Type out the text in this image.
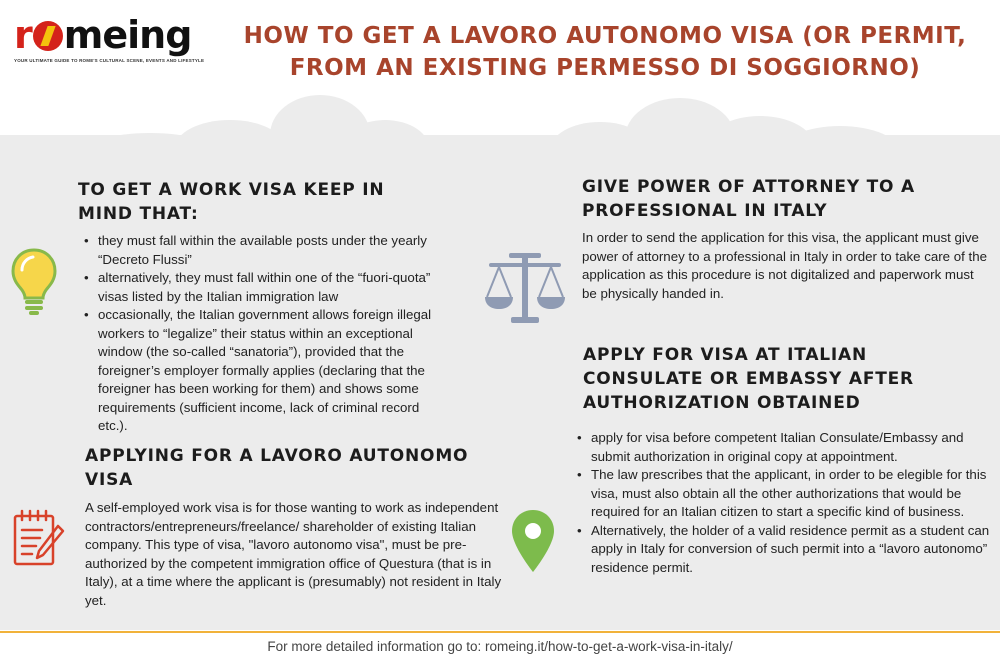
r meing
YOUR ULTIMATE GUIDE TO ROME'S CULTURAL SCENE, EVENTS AND LIFESTYLE
HOW TO GET A LAVORO AUTONOMO VISA (OR PERMIT,
FROM AN EXISTING PERMESSO DI SOGGIORNO)
TO GET A WORK VISA KEEP IN MIND THAT:
• they must fall within the available posts under the yearly “Decreto Flussi”
• alternatively, they must fall within one of the “fuori-quota” visas listed by the Italian immigration law
• occasionally, the Italian government allows foreign illegal workers to “legalize” their status within an exceptional window (the so-called “sanatoria”), provided that the foreigner’s employer formally applies (declaring that the foreigner has been working for them) and shows some requirements (sufficient income, lack of criminal record etc.).
APPLYING FOR A LAVORO AUTONOMO VISA
A self-employed work visa is for those wanting to work as independent contractors/entrepreneurs/freelance/ shareholder of existing Italian company. This type of visa, "lavoro autonomo visa", must be pre-authorized by the competent immigration office of Questura (that is in Italy), at a time where the applicant is (presumably) not resident in Italy yet.
GIVE POWER OF ATTORNEY TO A PROFESSIONAL IN ITALY
In order to send the application for this visa, the applicant must give power of attorney to a professional in Italy in order to take care of the application as this procedure is not digitalized and paperwork must be physically handed in.
APPLY FOR VISA AT ITALIAN CONSULATE OR EMBASSY AFTER AUTHORIZATION OBTAINED
• apply for visa before competent Italian Consulate/Embassy and submit authorization in original copy at appointment.
• The law prescribes that the applicant, in order to be elegible for this visa, must also obtain all the other authorizations that would be required for an Italian citizen to start a specific kind of business.
• Alternatively, the holder of a valid residence permit as a student can apply in Italy for conversion of such permit into a “lavoro autonomo” residence permit.
For more detailed information go to: romeing.it/how-to-get-a-work-visa-in-italy/
